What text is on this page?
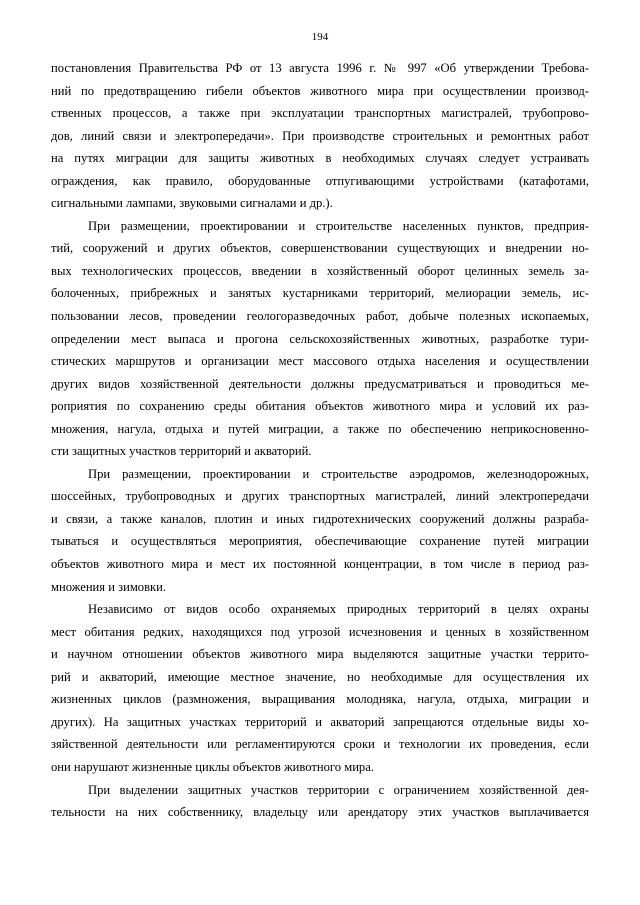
194
постановления Правительства РФ от 13 августа 1996 г. № 997 «Об утверждении Требова-
ний по предотвращению гибели объектов животного мира при осуществлении производ-
ственных процессов, а также при эксплуатации транспортных магистралей, трубопрово-
дов, линий связи и электропередачи». При производстве строительных и ремонтных работ
на путях миграции для защиты животных в необходимых случаях следует устраивать
ограждения, как правило, оборудованные отпугивающими устройствами (катафотами,
сигнальными лампами, звуковыми сигналами и др.).
При размещении, проектировании и строительстве населенных пунктов, предприя-
тий, сооружений и других объектов, совершенствовании существующих и внедрении но-
вых технологических процессов, введении в хозяйственный оборот целинных земель за-
болоченных, прибрежных и занятых кустарниками территорий, мелиорации земель, ис-
пользовании лесов, проведении геологоразведочных работ, добыче полезных ископаемых,
определении мест выпаса и прогона сельскохозяйственных животных, разработке тури-
стических маршрутов и организации мест массового отдыха населения и осуществлении
других видов хозяйственной деятельности должны предусматриваться и проводиться ме-
роприятия по сохранению среды обитания объектов животного мира и условий их раз-
множения, нагула, отдыха и путей миграции, а также по обеспечению неприкосновенно-
сти защитных участков территорий и акваторий.
При размещении, проектировании и строительстве аэродромов, железнодорожных,
шоссейных, трубопроводных и других транспортных магистралей, линий электропередачи
и связи, а также каналов, плотин и иных гидротехнических сооружений должны разраба-
тываться и осуществляться мероприятия, обеспечивающие сохранение путей миграции
объектов животного мира и мест их постоянной концентрации, в том числе в период раз-
множения и зимовки.
Независимо от видов особо охраняемых природных территорий в целях охраны
мест обитания редких, находящихся под угрозой исчезновения и ценных в хозяйственном
и научном отношении объектов животного мира выделяются защитные участки террито-
рий и акваторий, имеющие местное значение, но необходимые для осуществления их
жизненных циклов (размножения, выращивания молодняка, нагула, отдыха, миграции и
других). На защитных участках территорий и акваторий запрещаются отдельные виды хо-
зяйственной деятельности или регламентируются сроки и технологии их проведения, если
они нарушают жизненные циклы объектов животного мира.
При выделении защитных участков территории с ограничением хозяйственной дея-
тельности на них собственнику, владельцу или арендатору этих участков выплачивается
